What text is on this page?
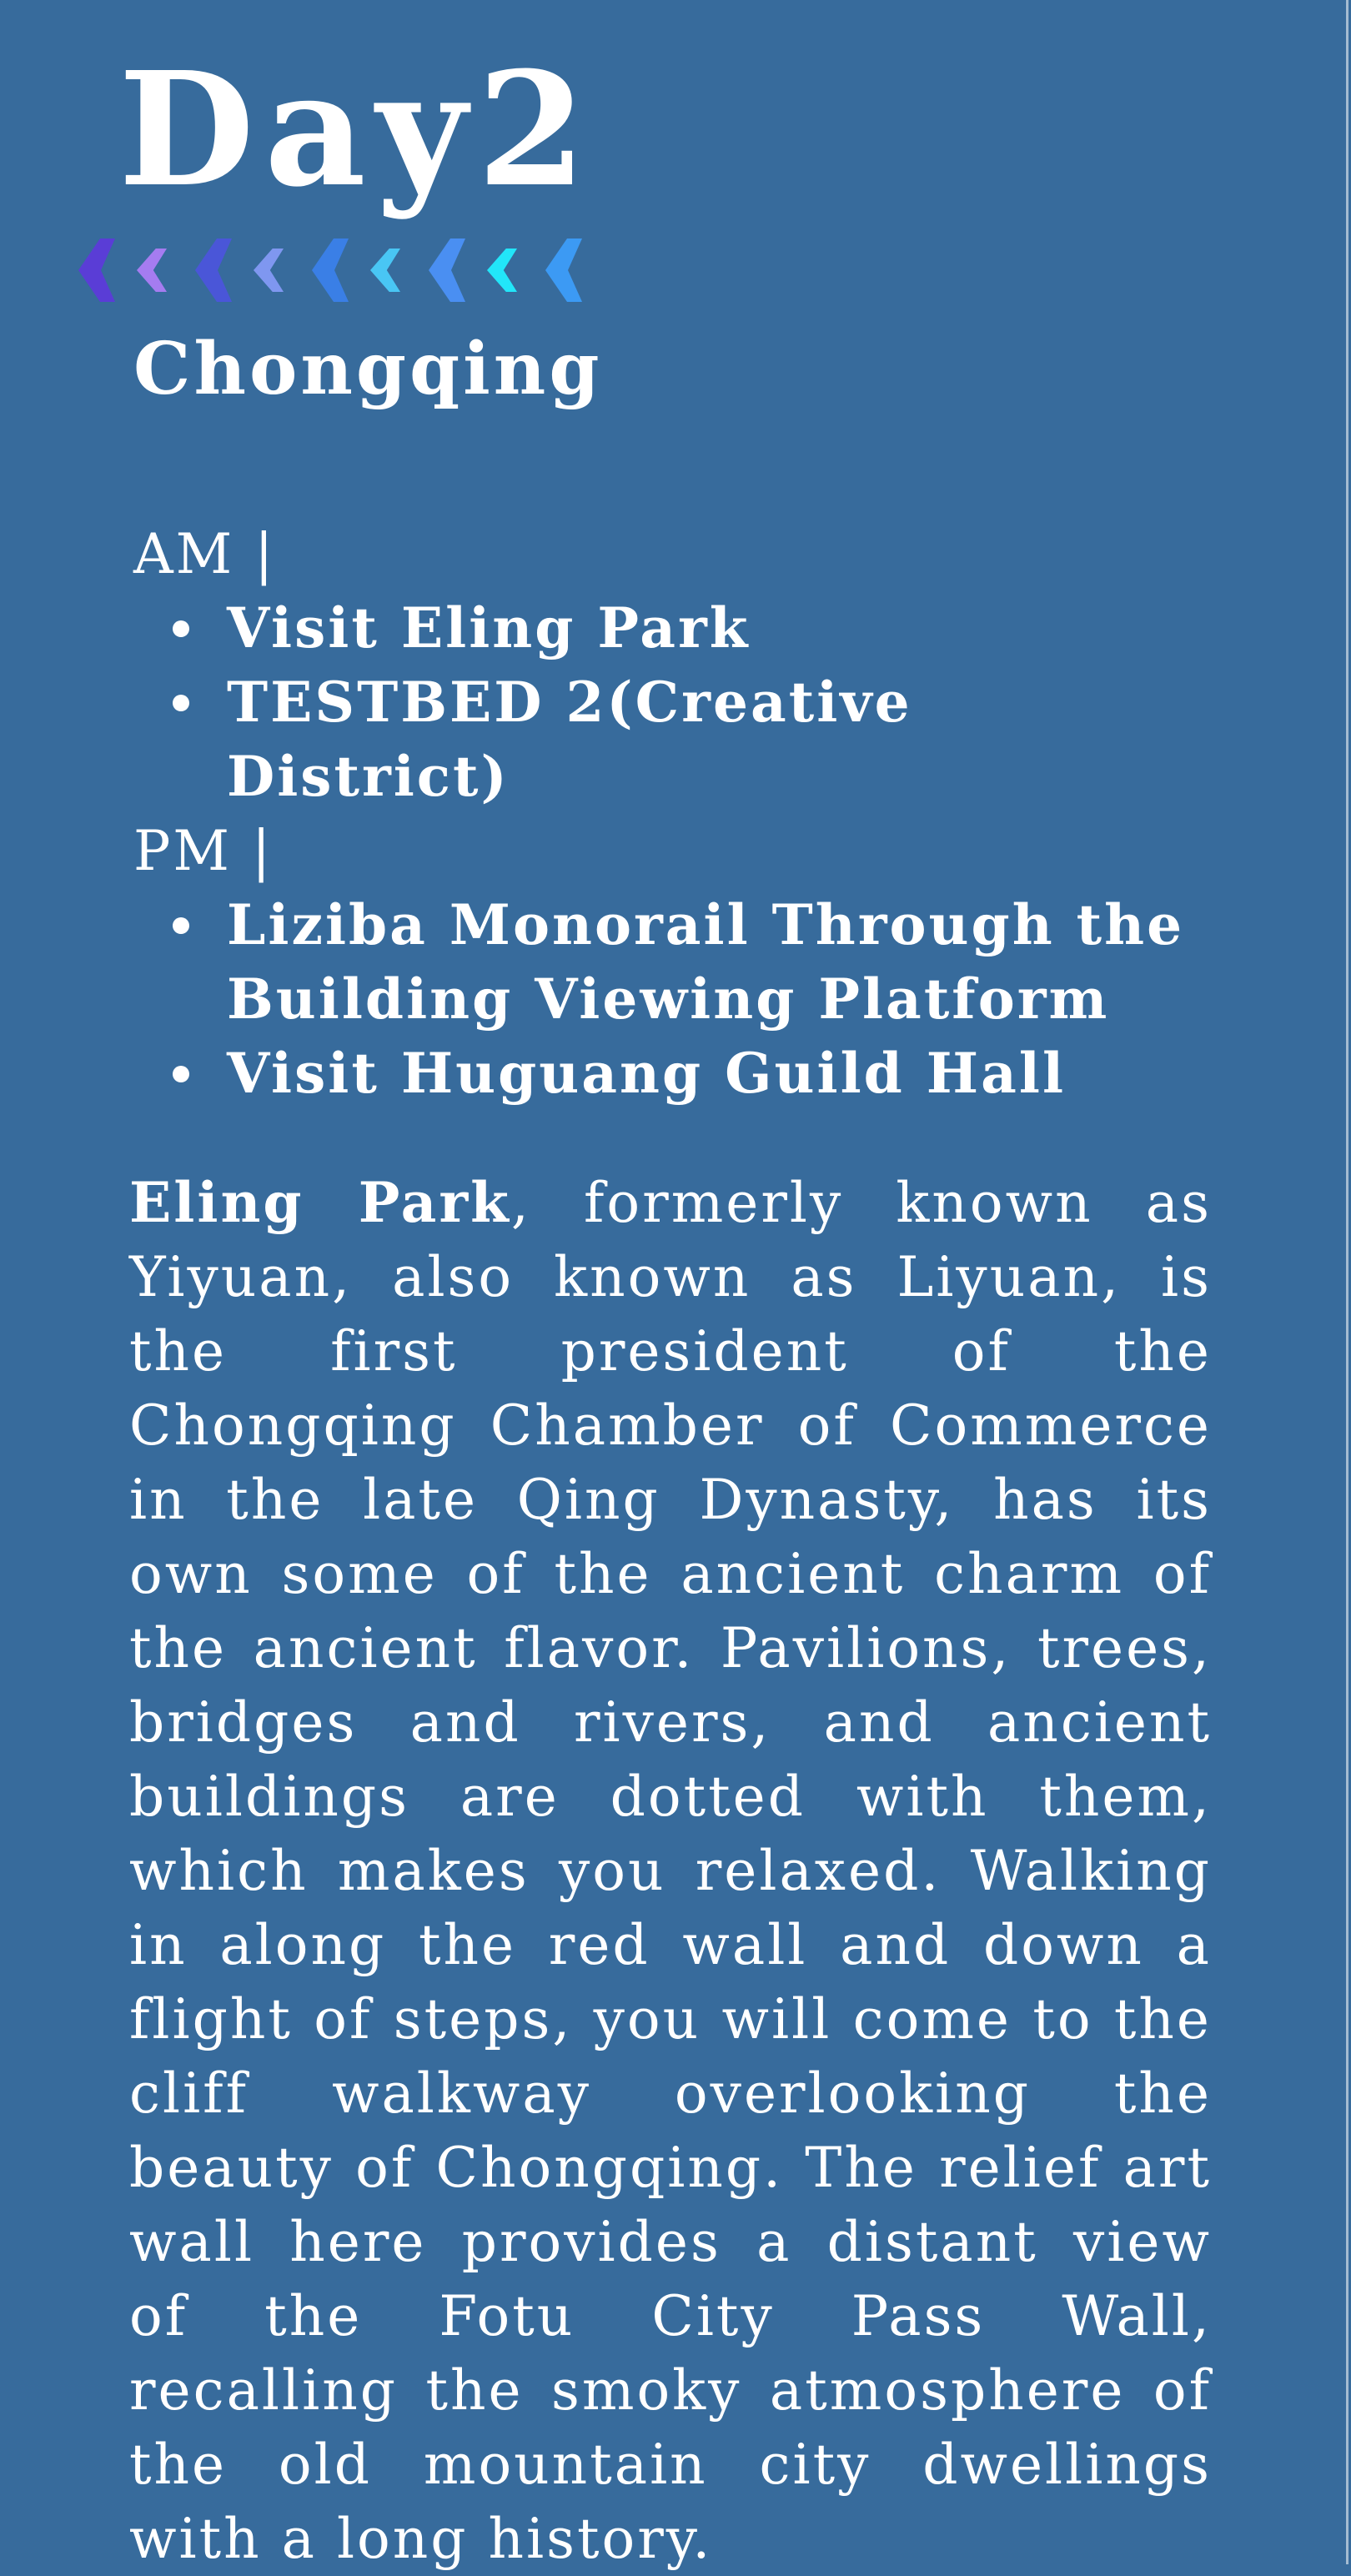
Day2
Chongqing

AM |

Visit Eling Park
TESTBED 2(Creative District)

PM |

Liziba Monorail Through the Building Viewing Platform
Visit Huguang Guild Hall

Eling Park, formerly known as Yiyuan, also known as Liyuan, is the first president of the Chongqing Chamber of Commerce in the late Qing Dynasty, has its own some of the ancient charm of the ancient flavor. Pavilions, trees, bridges and rivers, and ancient buildings are dotted with them, which makes you relaxed. Walking in along the red wall and down a flight of steps, you will come to the cliff walkway overlooking the beauty of Chongqing. The relief art wall here provides a distant view of the Fotu City Pass Wall, recalling the smoky atmosphere of the old mountain city dwellings with a long history.
